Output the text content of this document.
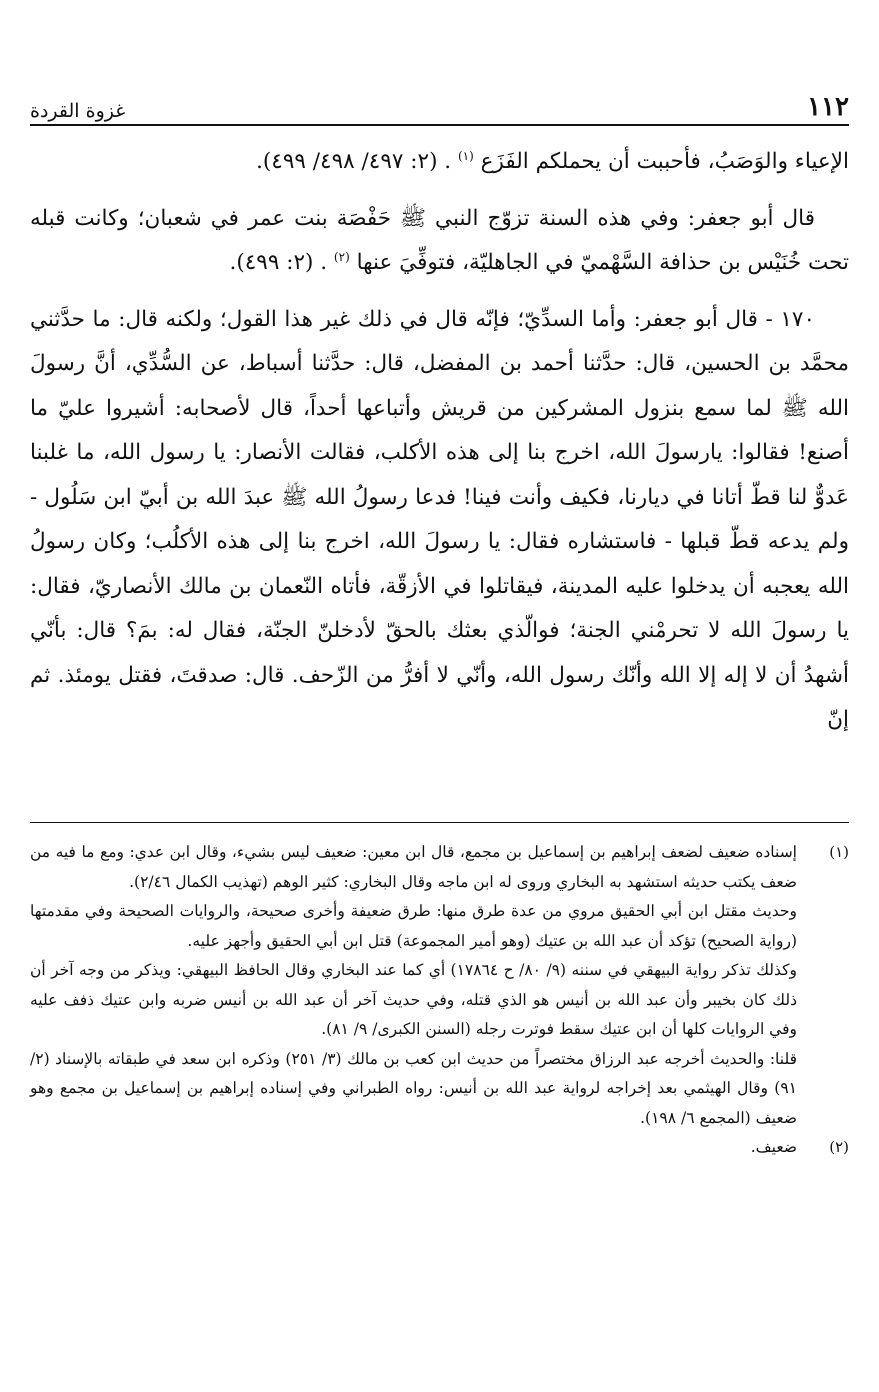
١١٢
غزوة القردة

الإعياء والوَصَبُ، فأحببت أن يحملكم الفَزَع $^{(١)}$ . (٢: ٤٩٧/ ٤٩٨/ ٤٩٩).

قال أبو جعفر: وفي هذه السنة تزوّج النبي ﷺ حَفْصَة بنت عمر في شعبان؛ وكانت قبله تحت خُنَيْس بن حذافة السَّهْميّ في الجاهليّة، فتوفِّيَ عنها $^{(٢)}$ . (٢: ٤٩٩).

١٧٠ - قال أبو جعفر: وأما السدِّيّ؛ فإنّه قال في ذلك غير هذا القول؛ ولكنه قال: ما حدَّثني محمَّد بن الحسين، قال: حدَّثنا أحمد بن المفضل، قال: حدَّثنا أسباط، عن السُّدِّي، أنَّ رسولَ الله ﷺ لما سمع بنزول المشركين من قريش وأتباعها أحداً، قال لأصحابه: أشيروا عليّ ما أصنع! فقالوا: يارسولَ الله، اخرج بنا إلى هذه الأكلب، فقالت الأنصار: يا رسول الله، ما غلبنا عَدوٌّ لنا قطّ أتانا في ديارنا، فكيف وأنت فينا! فدعا رسولُ الله ﷺ عبدَ الله بن أبيّ ابن سَلُول - ولم يدعه قطّ قبلها - فاستشاره فقال: يا رسولَ الله، اخرج بنا إلى هذه الأكلُب؛ وكان رسولُ الله يعجبه أن يدخلوا عليه المدينة، فيقاتلوا في الأزقّة، فأتاه النّعمان بن مالك الأنصاريّ، فقال: يا رسولَ الله لا تحرمْني الجنة؛ فوالّذي بعثك بالحقّ لأدخلنّ الجنّة، فقال له: بمَ؟ قال: بأنّي أشهدُ أن لا إله إلا الله وأنّك رسول الله، وأنّي لا أفرُّ من الزّحف. قال: صدقتَ، فقتل يومئذ. ثم إنّ

(١)

إسناده ضعيف لضعف إبراهيم بن إسماعيل بن مجمع، قال ابن معين: ضعيف ليس بشيء، وقال ابن عدي: ومع ما فيه من ضعف يكتب حديثه استشهد به البخاري وروى له ابن ماجه وقال البخاري: كثير الوهم (تهذيب الكمال ٢/٤٦).

وحديث مقتل ابن أبي الحقيق مروي من عدة طرق منها: طرق ضعيفة وأخرى صحيحة، والروايات الصحيحة وفي مقدمتها (رواية الصحيح) تؤكد أن عبد الله بن عتيك (وهو أمير المجموعة) قتل ابن أبي الحقيق وأجهز عليه.

وكذلك تذكر رواية البيهقي في سننه (٩/ ٨٠/ ح ١٧٨٦٤) أي كما عند البخاري وقال الحافظ البيهقي: ويذكر من وجه آخر أن ذلك كان بخيبر وأن عبد الله بن أنيس هو الذي قتله، وفي حديث آخر أن عبد الله بن أنيس ضربه وابن عتيك ذفف عليه وفي الروايات كلها أن ابن عتيك سقط فوترت رجله (السنن الكبرى/ ٩/ ٨١).

قلنا: والحديث أخرجه عبد الرزاق مختصراً من حديث ابن كعب بن مالك (٣/ ٢٥١) وذكره ابن سعد في طبقاته بالإسناد (٢/ ٩١) وقال الهيثمي بعد إخراجه لرواية عبد الله بن أنيس: رواه الطبراني وفي إسناده إبراهيم بن إسماعيل بن مجمع وهو ضعيف (المجمع ٦/ ١٩٨).

(٢)

ضعيف.
